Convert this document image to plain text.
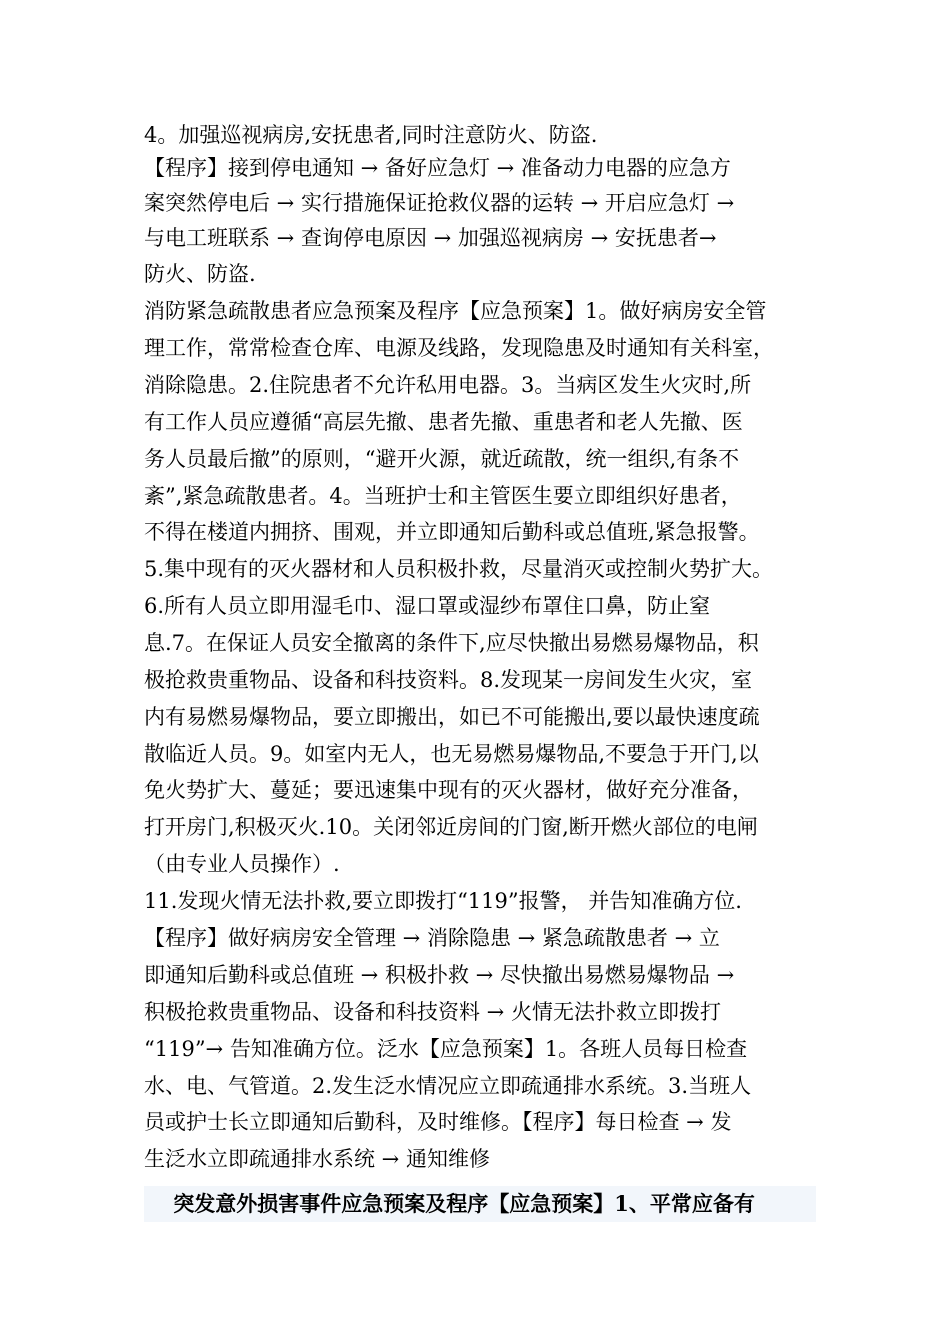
4。加强巡视病房,安抚患者,同时注意防火、防盗.
【程序】接到停电通知 → 备好应急灯 → 准备动力电器的应急方
案突然停电后 → 实行措施保证抢救仪器的运转 → 开启应急灯 →
与电工班联系 → 查询停电原因 → 加强巡视病房 → 安抚患者→
防火、防盗.
消防紧急疏散患者应急预案及程序【应急预案】1。做好病房安全管
理工作，常常检查仓库、电源及线路，发现隐患及时通知有关科室，
消除隐患。2.住院患者不允许私用电器。3。当病区发生火灾时,所
有工作人员应遵循“高层先撤、患者先撤、重患者和老人先撤、医
务人员最后撤”的原则，“避开火源，就近疏散，统一组织,有条不
紊”,紧急疏散患者。4。当班护士和主管医生要立即组织好患者，
不得在楼道内拥挤、围观，并立即通知后勤科或总值班,紧急报警。
5.集中现有的灭火器材和人员积极扑救，尽量消灭或控制火势扩大。
6.所有人员立即用湿毛巾、湿口罩或湿纱布罩住口鼻，防止窒
息.7。在保证人员安全撤离的条件下,应尽快撤出易燃易爆物品，积
极抢救贵重物品、设备和科技资料。8.发现某一房间发生火灾，室
内有易燃易爆物品，要立即搬出，如已不可能搬出,要以最快速度疏
散临近人员。9。如室内无人，也无易燃易爆物品,不要急于开门,以
免火势扩大、蔓延；要迅速集中现有的灭火器材，做好充分准备，
打开房门,积极灭火.10。关闭邻近房间的门窗,断开燃火部位的电闸
（由专业人员操作）.
11.发现火情无法扑救,要立即拨打“119”报警， 并告知准确方位.
【程序】做好病房安全管理 → 消除隐患 → 紧急疏散患者 → 立
即通知后勤科或总值班 → 积极扑救 → 尽快撤出易燃易爆物品 →
积极抢救贵重物品、设备和科技资料 → 火情无法扑救立即拨打
“119”→ 告知准确方位。泛水【应急预案】1。各班人员每日检查
水、电、气管道。2.发生泛水情况应立即疏通排水系统。3.当班人
员或护士长立即通知后勤科，及时维修。【程序】每日检查 → 发
生泛水立即疏通排水系统 → 通知维修
突发意外损害事件应急预案及程序【应急预案】1、平常应备有
